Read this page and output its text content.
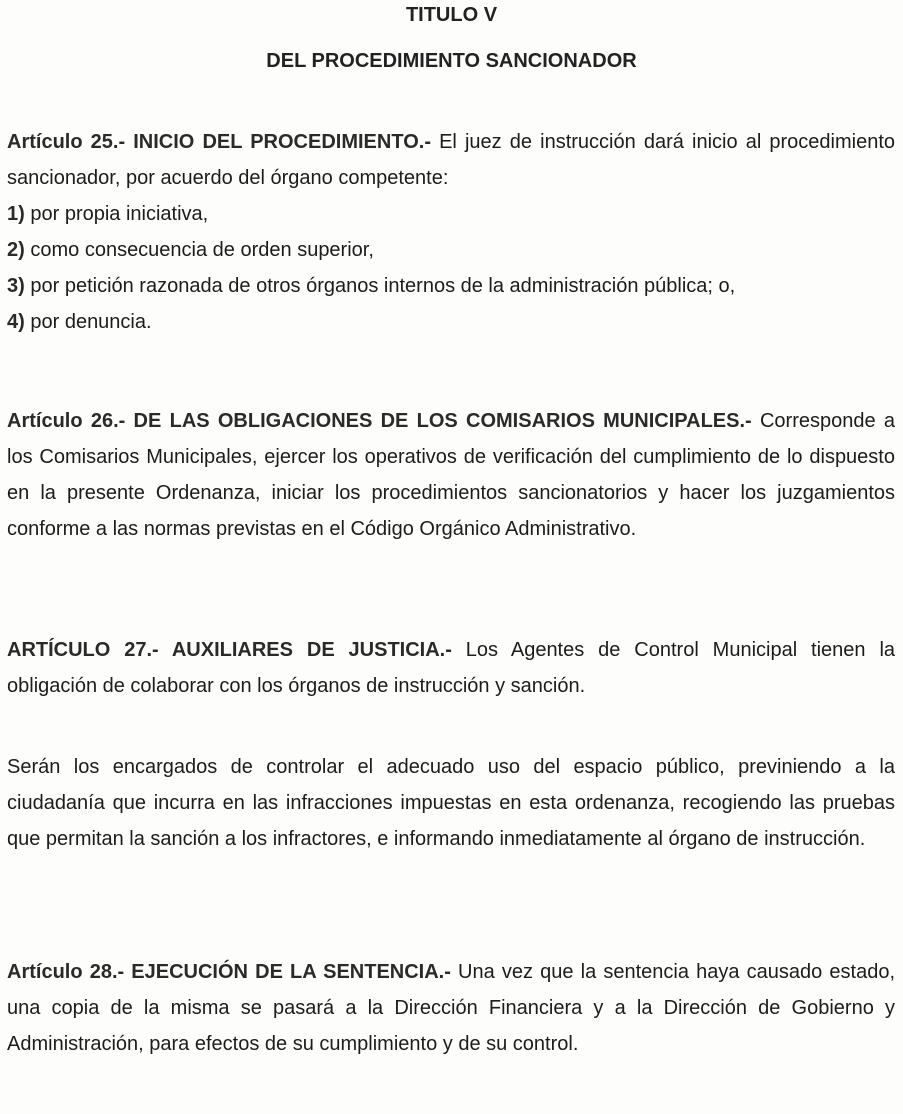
TITULO V
DEL PROCEDIMIENTO SANCIONADOR

Artículo 25.- INICIO DEL PROCEDIMIENTO.- El juez de instrucción dará inicio al procedimiento sancionador, por acuerdo del órgano competente:

1) por propia iniciativa,
2) como consecuencia de orden superior,
3) por petición razonada de otros órganos internos de la administración pública; o,
4) por denuncia.

Artículo 26.- DE LAS OBLIGACIONES DE LOS COMISARIOS MUNICIPALES.- Corresponde a los Comisarios Municipales, ejercer los operativos de verificación del cumplimiento de lo dispuesto en la presente Ordenanza, iniciar los procedimientos sancionatorios y hacer los juzgamientos conforme a las normas previstas en el Código Orgánico Administrativo.

ARTÍCULO 27.- AUXILIARES DE JUSTICIA.- Los Agentes de Control Municipal tienen la obligación de colaborar con los órganos de instrucción y sanción.

Serán los encargados de controlar el adecuado uso del espacio público, previniendo a la ciudadanía que incurra en las infracciones impuestas en esta ordenanza, recogiendo las pruebas que permitan la sanción a los infractores, e informando inmediatamente al órgano de instrucción.

Artículo 28.- EJECUCIÓN DE LA SENTENCIA.- Una vez que la sentencia haya causado estado, una copia de la misma se pasará a la Dirección Financiera y a la Dirección de Gobierno y Administración, para efectos de su cumplimiento y de su control.
